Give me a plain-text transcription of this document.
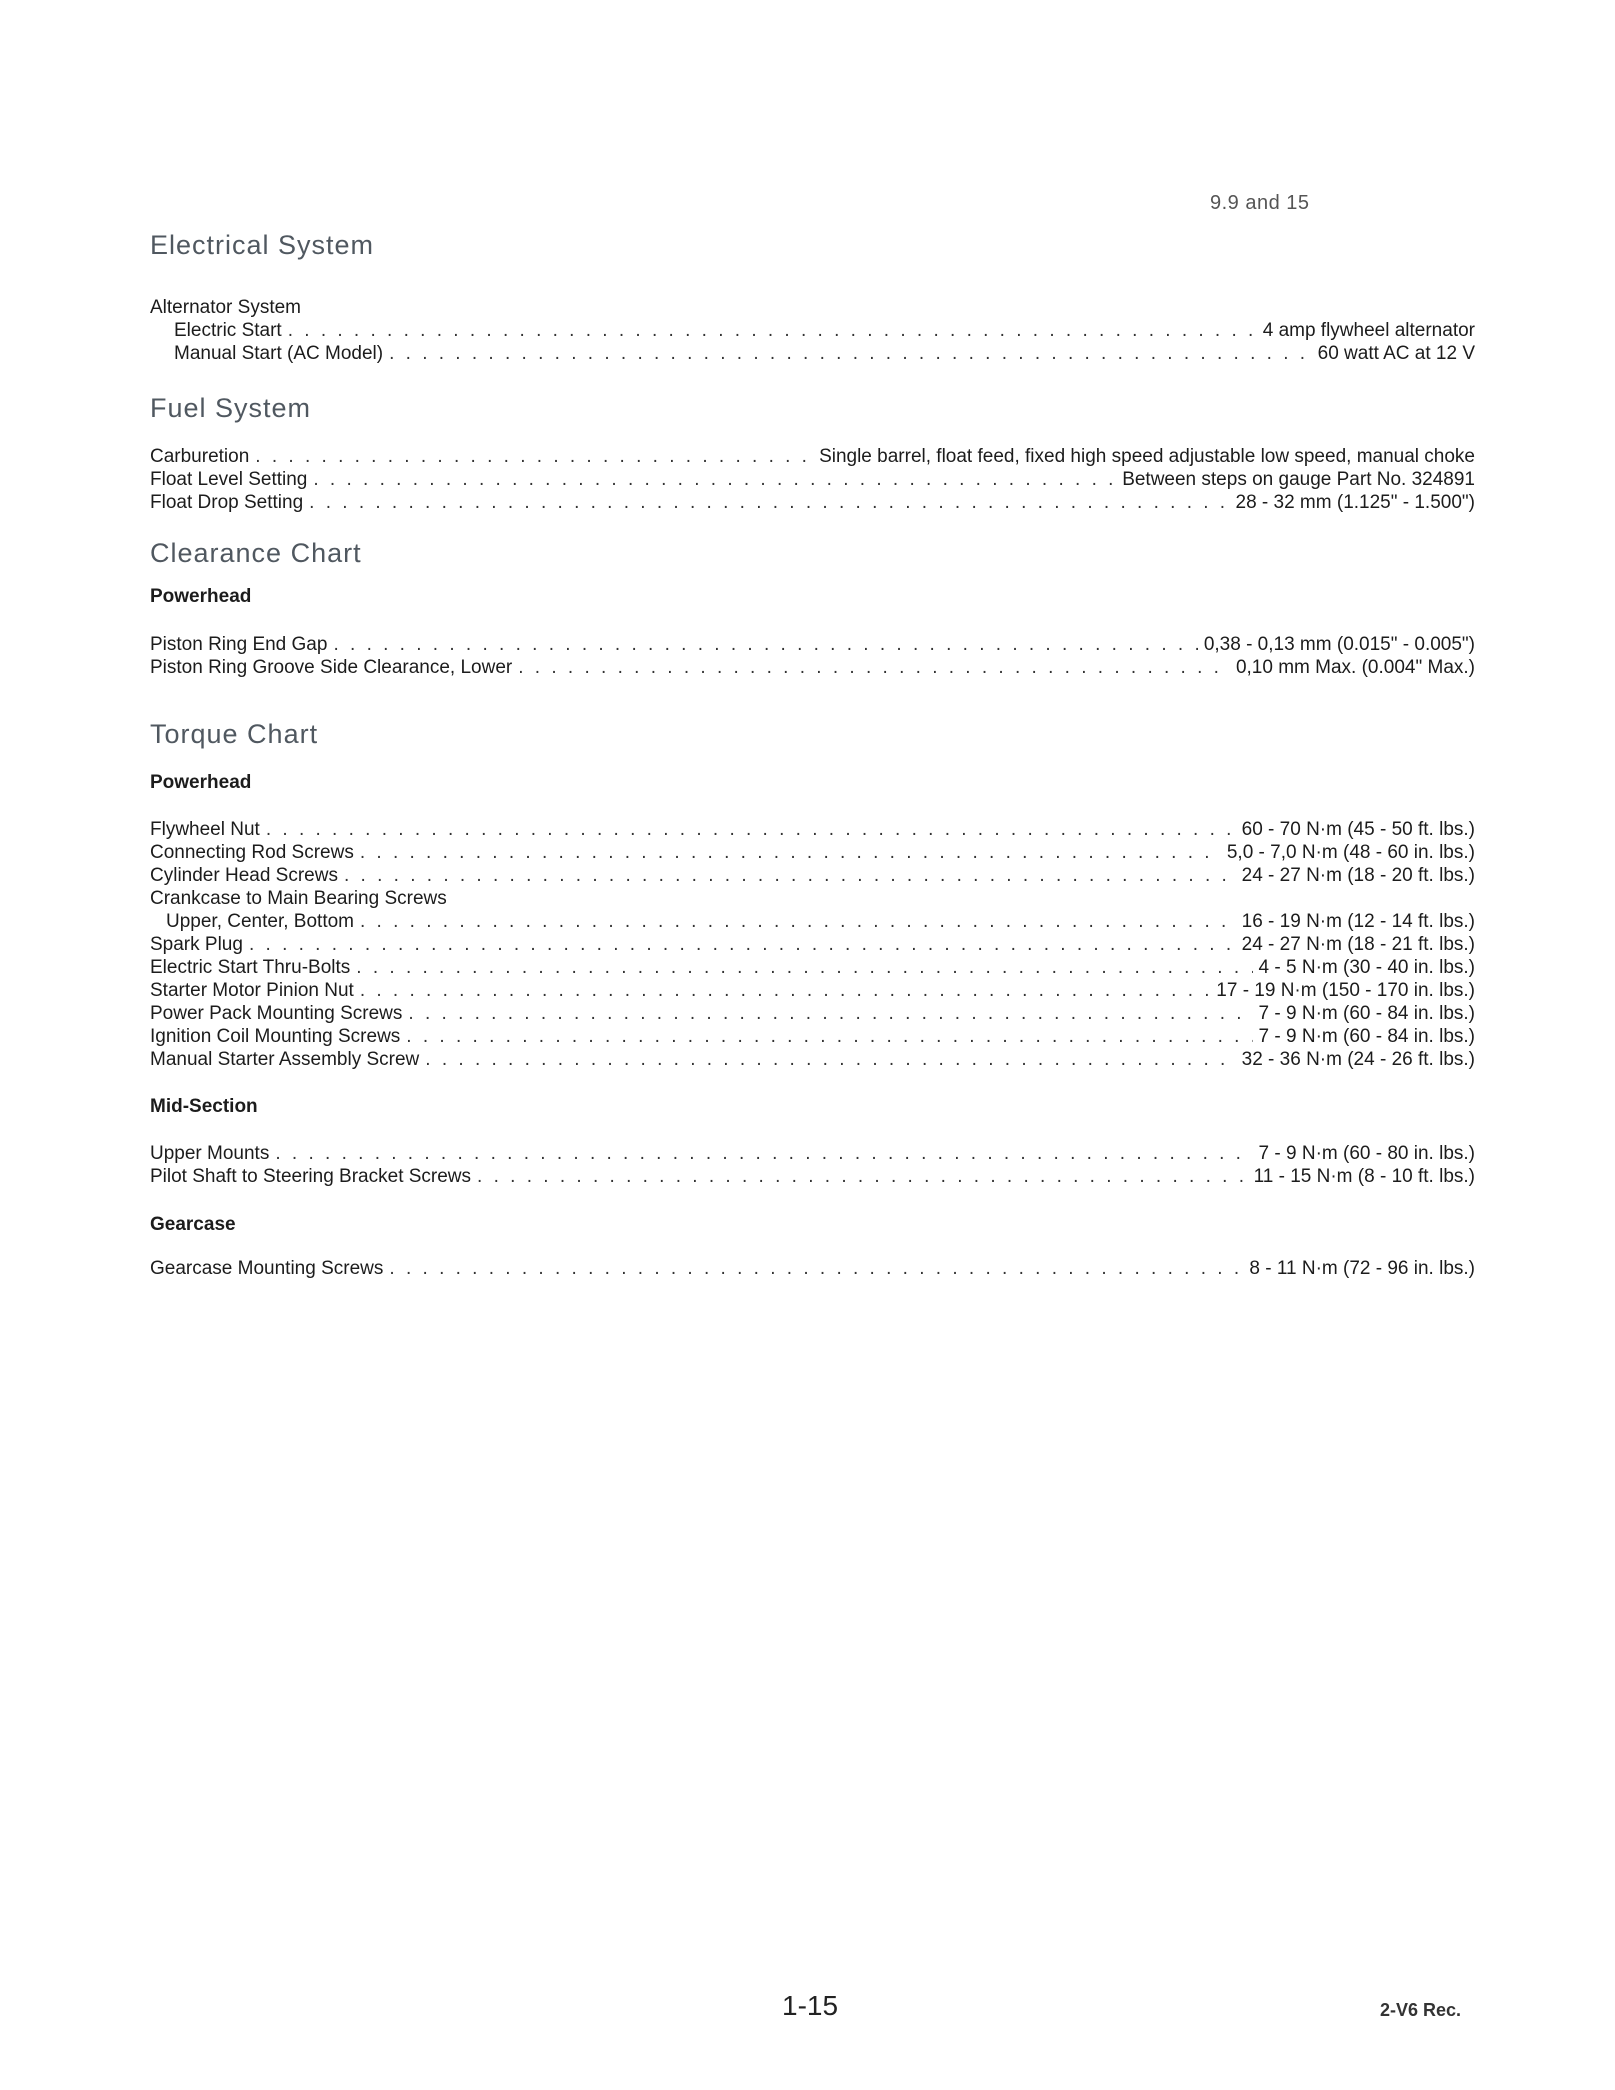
9.9 and 15
Electrical System
Alternator System
Electric Start . . .	4 amp flywheel alternator
Manual Start (AC Model) . . .	60 watt AC at 12 V
Fuel System
Carburetion . . .	Single barrel, float feed, fixed high speed adjustable low speed, manual choke
Float Level Setting . . .	Between steps on gauge Part No. 324891
Float Drop Setting . . .	28 - 32 mm (1.125" - 1.500")
Clearance Chart
Powerhead
Piston Ring End Gap . . .	0,38 - 0,13 mm (0.015" - 0.005")
Piston Ring Groove Side Clearance, Lower . . .	0,10 mm Max. (0.004" Max.)
Torque Chart
Powerhead
Flywheel Nut . . .	60 - 70 N·m (45 - 50 ft. lbs.)
Connecting Rod Screws . . .	5,0 - 7,0 N·m (48 - 60 in. lbs.)
Cylinder Head Screws . . .	24 - 27 N·m (18 - 20 ft. lbs.)
Crankcase to Main Bearing Screws
Upper, Center, Bottom . . .	16 - 19 N·m (12 - 14 ft. lbs.)
Spark Plug . . .	24 - 27 N·m (18 - 21 ft. lbs.)
Electric Start Thru-Bolts . . .	4 - 5 N·m (30 - 40 in. lbs.)
Starter Motor Pinion Nut . . .	17 - 19 N·m (150 - 170 in. lbs.)
Power Pack Mounting Screws . . .	7 - 9 N·m (60 - 84 in. lbs.)
Ignition Coil Mounting Screws . . .	7 - 9 N·m (60 - 84 in. lbs.)
Manual Starter Assembly Screw . . .	32 - 36 N·m (24 - 26 ft. lbs.)
Mid-Section
Upper Mounts . . .	7 - 9 N·m (60 - 80 in. lbs.)
Pilot Shaft to Steering Bracket Screws . . .	11 - 15 N·m (8 - 10 ft. lbs.)
Gearcase
Gearcase Mounting Screws . . .	8 - 11 N·m (72 - 96 in. lbs.)
1-15	2-V6 Rec.
